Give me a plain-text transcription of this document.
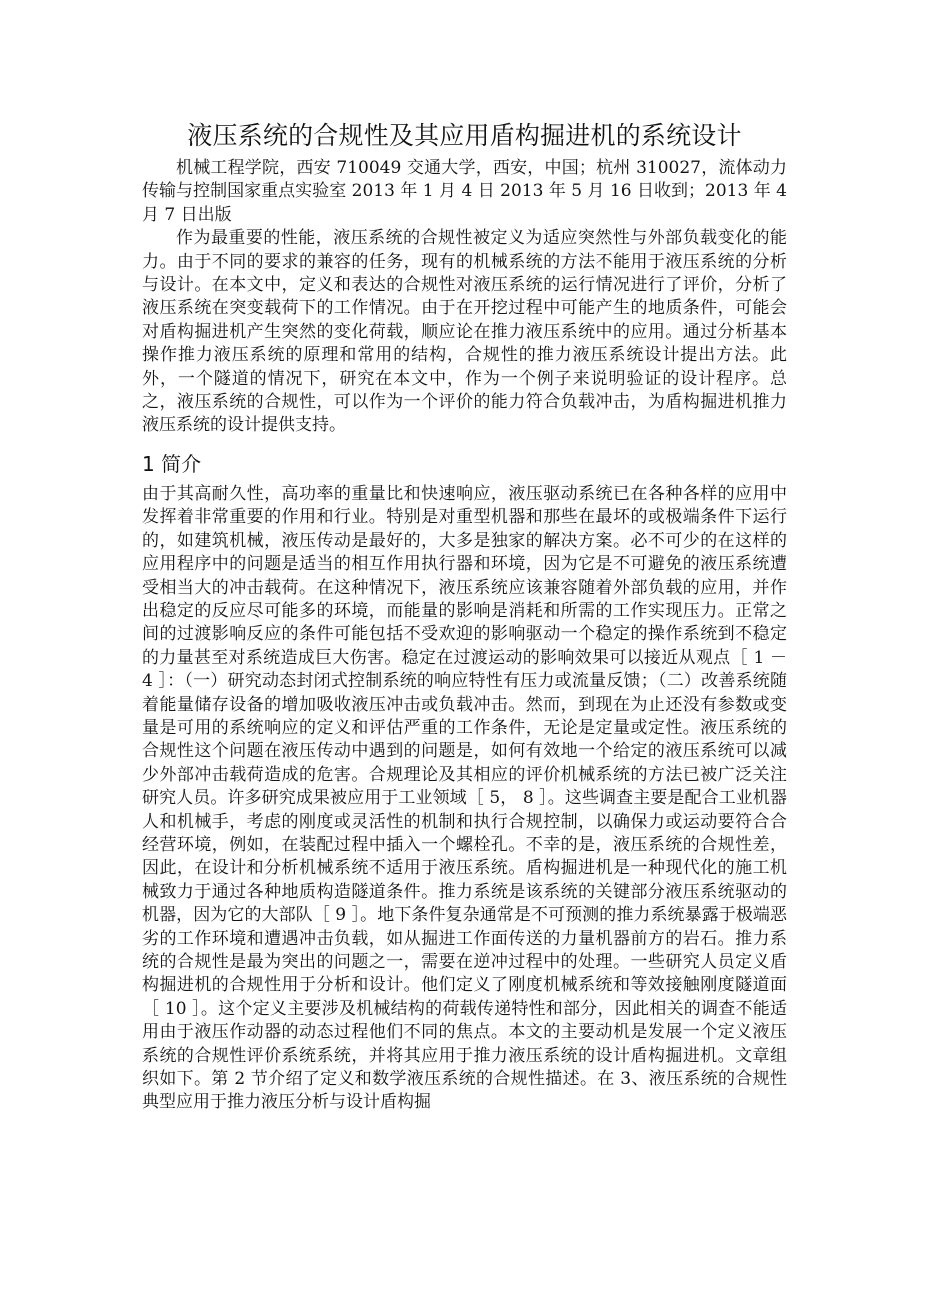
液压系统的合规性及其应用盾构掘进机的系统设计

机械工程学院，西安 710049 交通大学，西安，中国；杭州 310027，流体动力传输与控制国家重点实验室 2013 年 1 月 4 日 2013 年 5 月 16 日收到；2013 年 4 月 7 日出版

作为最重要的性能，液压系统的合规性被定义为适应突然性与外部负载变化的能力。由于不同的要求的兼容的任务，现有的机械系统的方法不能用于液压系统的分析与设计。在本文中，定义和表达的合规性对液压系统的运行情况进行了评价，分析了液压系统在突变载荷下的工作情况。由于在开挖过程中可能产生的地质条件，可能会对盾构掘进机产生突然的变化荷载，顺应论在推力液压系统中的应用。通过分析基本操作推力液压系统的原理和常用的结构，合规性的推力液压系统设计提出方法。此外，一个隧道的情况下，研究在本文中，作为一个例子来说明验证的设计程序。总之，液压系统的合规性，可以作为一个评价的能力符合负载冲击，为盾构掘进机推力液压系统的设计提供支持。

1 简介

由于其高耐久性，高功率的重量比和快速响应，液压驱动系统已在各种各样的应用中发挥着非常重要的作用和行业。特别是对重型机器和那些在最坏的或极端条件下运行的，如建筑机械，液压传动是最好的，大多是独家的解决方案。必不可少的在这样的应用程序中的问题是适当的相互作用执行器和环境，因为它是不可避免的液压系统遭受相当大的冲击载荷。在这种情况下，液压系统应该兼容随着外部负载的应用，并作出稳定的反应尽可能多的环境，而能量的影响是消耗和所需的工作实现压力。正常之间的过渡影响反应的条件可能包括不受欢迎的影响驱动一个稳定的操作系统到不稳定的力量甚至对系统造成巨大伤害。稳定在过渡运动的影响效果可以接近从观点［ 1 － 4 ］：（一）研究动态封闭式控制系统的响应特性有压力或流量反馈；（二）改善系统随着能量储存设备的增加吸收液压冲击或负载冲击。然而，到现在为止还没有参数或变量是可用的系统响应的定义和评估严重的工作条件，无论是定量或定性。液压系统的合规性这个问题在液压传动中遇到的问题是，如何有效地一个给定的液压系统可以减少外部冲击载荷造成的危害。合规理论及其相应的评价机械系统的方法已被广泛关注研究人员。许多研究成果被应用于工业领域［ 5， 8 ］。这些调查主要是配合工业机器人和机械手，考虑的刚度或灵活性的机制和执行合规控制，以确保力或运动要符合合经营环境，例如，在装配过程中插入一个螺栓孔。不幸的是，液压系统的合规性差，因此，在设计和分析机械系统不适用于液压系统。盾构掘进机是一种现代化的施工机械致力于通过各种地质构造隧道条件。推力系统是该系统的关键部分液压系统驱动的机器，因为它的大部队［ 9 ］。地下条件复杂通常是不可预测的推力系统暴露于极端恶劣的工作环境和遭遇冲击负载，如从掘进工作面传送的力量机器前方的岩石。推力系统的合规性是最为突出的问题之一，需要在逆冲过程中的处理。一些研究人员定义盾构掘进机的合规性用于分析和设计。他们定义了刚度机械系统和等效接触刚度隧道面［ 10 ］。这个定义主要涉及机械结构的荷载传递特性和部分，因此相关的调查不能适用由于液压作动器的动态过程他们不同的焦点。本文的主要动机是发展一个定义液压系统的合规性评价系统系统，并将其应用于推力液压系统的设计盾构掘进机。文章组织如下。第 2 节介绍了定义和数学液压系统的合规性描述。在 3、液压系统的合规性典型应用于推力液压分析与设计盾构掘
